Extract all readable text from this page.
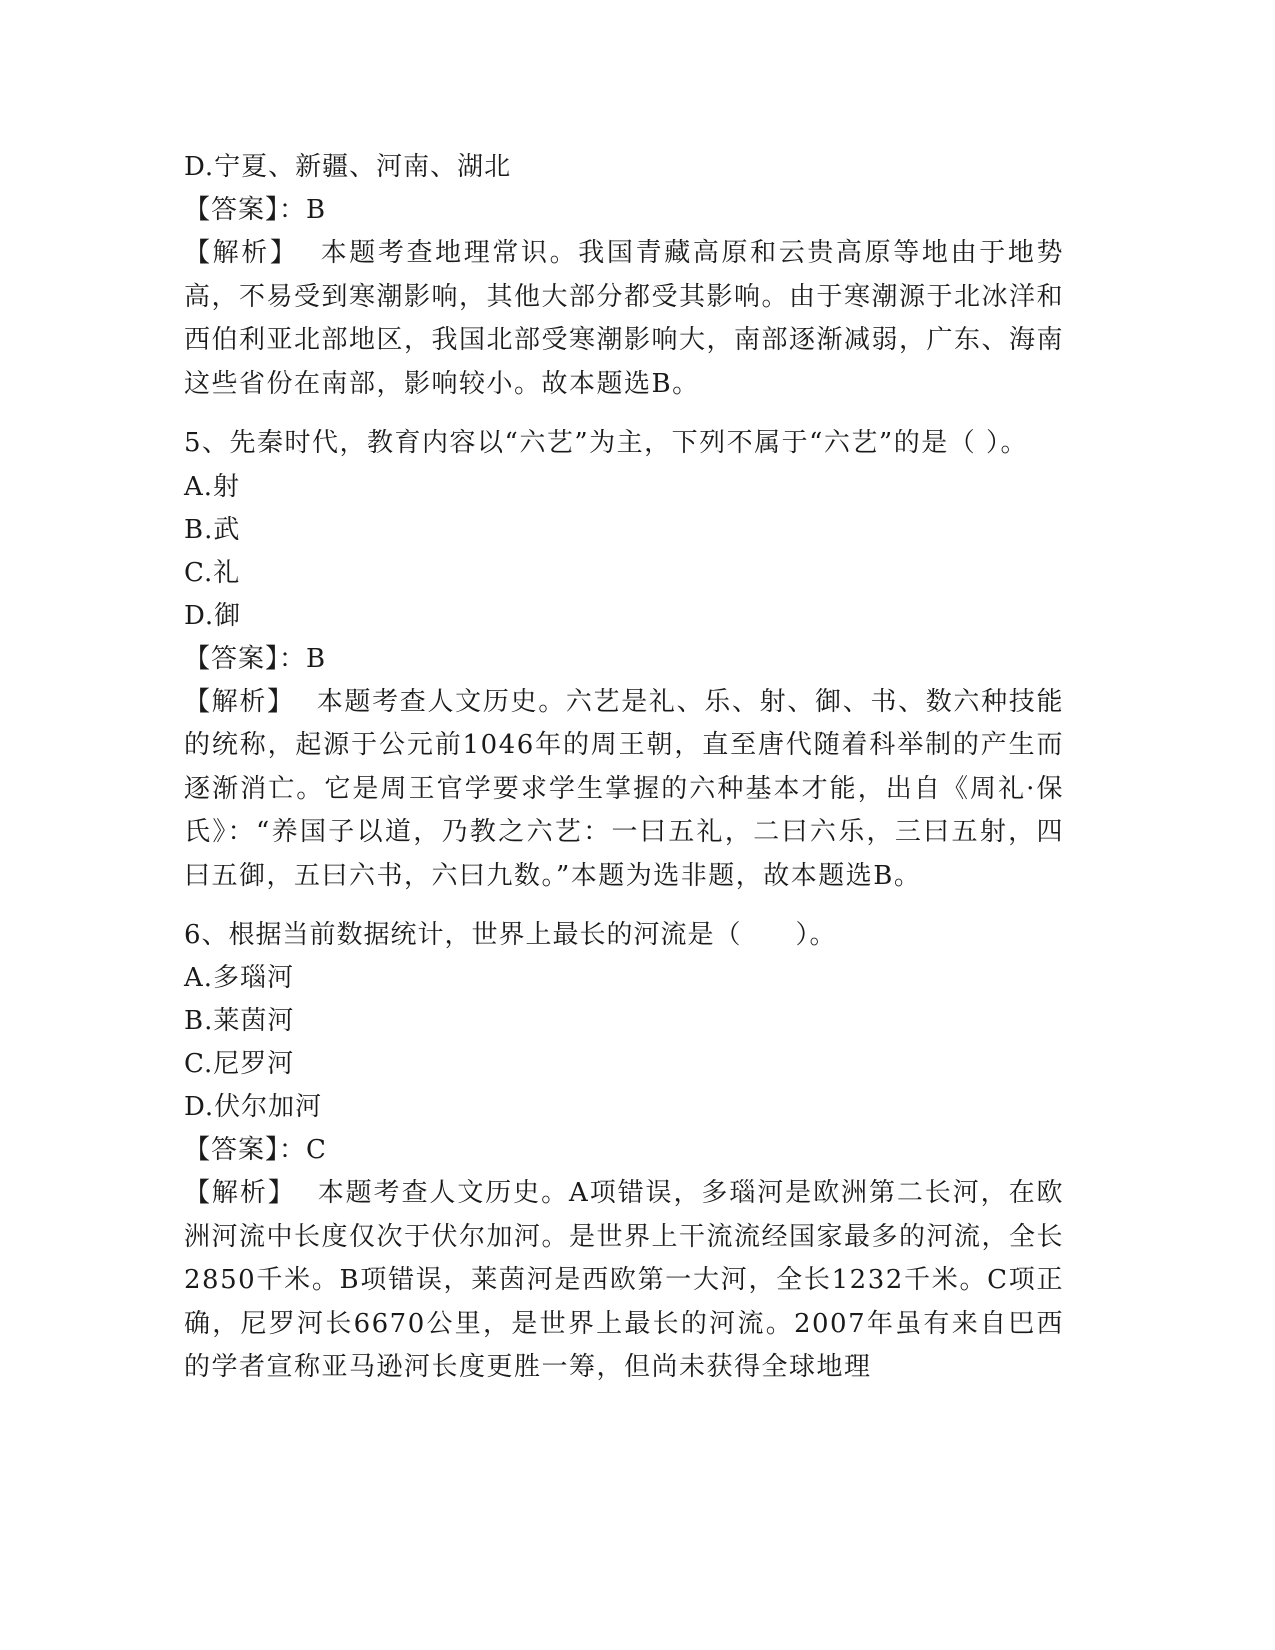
D.宁夏、新疆、河南、湖北
【答案】：B
【解析】 本题考查地理常识。我国青藏高原和云贵高原等地由于地势高，不易受到寒潮影响，其他大部分都受其影响。由于寒潮源于北冰洋和西伯利亚北部地区，我国北部受寒潮影响大，南部逐渐减弱，广东、海南这些省份在南部，影响较小。故本题选B。
5、先秦时代，教育内容以“六艺”为主，下列不属于“六艺”的是（ ）。
A.射
B.武
C.礼
D.御
【答案】：B
【解析】 本题考查人文历史。六艺是礼、乐、射、御、书、数六种技能的统称，起源于公元前1046年的周王朝，直至唐代随着科举制的产生而逐渐消亡。它是周王官学要求学生掌握的六种基本才能，出自《周礼·保氏》：“养国子以道，乃教之六艺：一曰五礼，二曰六乐，三曰五射，四曰五御，五曰六书，六曰九数。”本题为选非题，故本题选B。
6、根据当前数据统计，世界上最长的河流是（　　）。
A.多瑙河
B.莱茵河
C.尼罗河
D.伏尔加河
【答案】：C
【解析】 本题考查人文历史。A项错误，多瑙河是欧洲第二长河，在欧洲河流中长度仅次于伏尔加河。是世界上干流流经国家最多的河流，全长2850千米。B项错误，莱茵河是西欧第一大河，全长1232千米。C项正确，尼罗河长6670公里，是世界上最长的河流。2007年虽有来自巴西的学者宣称亚马逊河长度更胜一筹，但尚未获得全球地理
